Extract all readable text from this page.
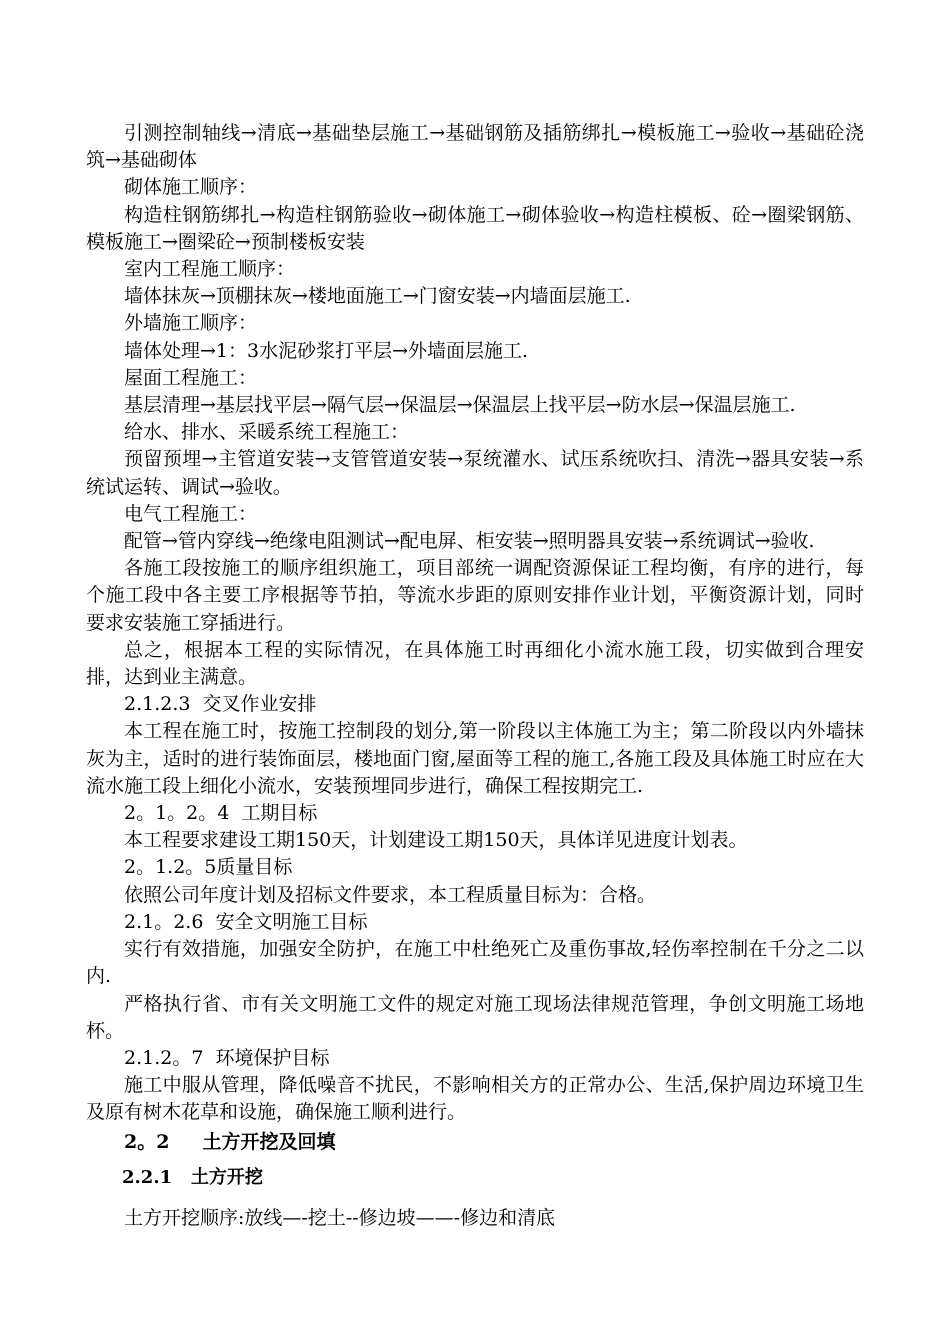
引测控制轴线→清底→基础垫层施工→基础钢筋及插筋绑扎→模板施工→验收→基础砼浇筑→基础砌体

砌体施工顺序：

构造柱钢筋绑扎→构造柱钢筋验收→砌体施工→砌体验收→构造柱模板、砼→圈梁钢筋、模板施工→圈梁砼→预制楼板安装

室内工程施工顺序：

墙体抹灰→顶棚抹灰→楼地面施工→门窗安装→内墙面层施工.

外墙施工顺序：

墙体处理→1：3水泥砂浆打平层→外墙面层施工.

屋面工程施工：

基层清理→基层找平层→隔气层→保温层→保温层上找平层→防水层→保温层施工.

给水、排水、采暖系统工程施工：

预留预埋→主管道安装→支管管道安装→泵统灌水、试压系统吹扫、清洗→器具安装→系统试运转、调试→验收。

电气工程施工：

配管→管内穿线→绝缘电阻测试→配电屏、柜安装→照明器具安装→系统调试→验收.

各施工段按施工的顺序组织施工，项目部统一调配资源保证工程均衡，有序的进行，每个施工段中各主要工序根据等节拍，等流水步距的原则安排作业计划，平衡资源计划，同时要求安装施工穿插进行。

总之，根据本工程的实际情况，在具体施工时再细化小流水施工段，切实做到合理安排，达到业主满意。

2.1.2.3  交叉作业安排

本工程在施工时，按施工控制段的划分,第一阶段以主体施工为主；第二阶段以内外墙抹灰为主，适时的进行装饰面层，楼地面门窗,屋面等工程的施工,各施工段及具体施工时应在大流水施工段上细化小流水，安装预埋同步进行，确保工程按期完工.

2。1。2。4  工期目标

本工程要求建设工期150天，计划建设工期150天，具体详见进度计划表。

2。1.2。5质量目标

依照公司年度计划及招标文件要求，本工程质量目标为：合格。

2.1。2.6  安全文明施工目标

实行有效措施，加强安全防护，在施工中杜绝死亡及重伤事故,轻伤率控制在千分之二以内.

严格执行省、市有关文明施工文件的规定对施工现场法律规范管理，争创文明施工场地杯。

2.1.2。7  环境保护目标

施工中服从管理，降低噪音不扰民，不影响相关方的正常办公、生活,保护周边环境卫生及原有树木花草和设施，确保施工顺利进行。

2。2     土方开挖及回填
2.2.1   土方开挖

土方开挖顺序:放线—-挖土--修边坡——-修边和清底
